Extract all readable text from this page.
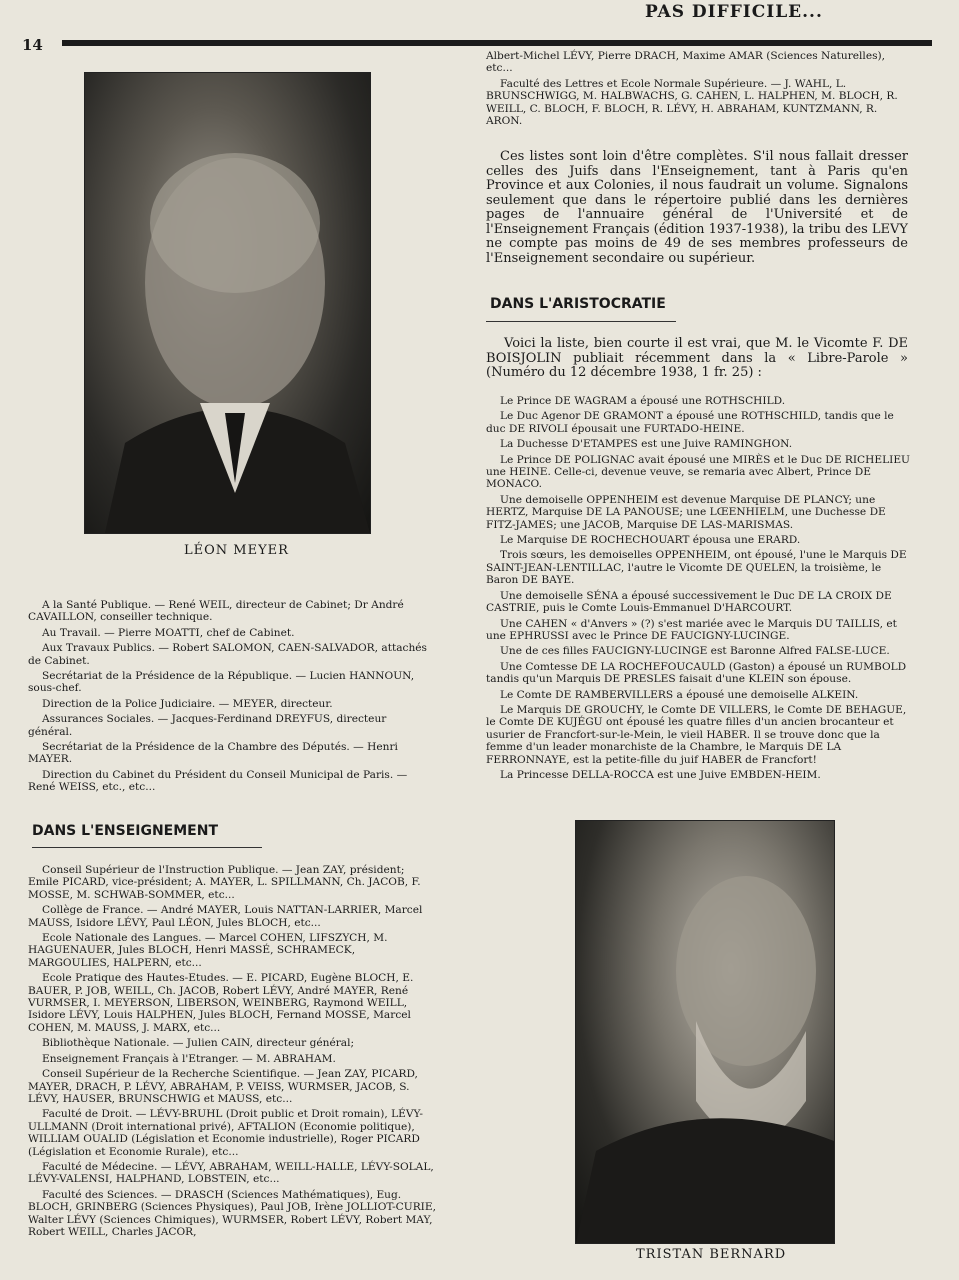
14
PAS DIFFICILE...
LÉON MEYER

A la Santé Publique. — René WEIL, directeur de Cabinet; Dr André CAVAILLON, conseiller technique.

Au Travail. — Pierre MOATTI, chef de Cabinet.

Aux Travaux Publics. — Robert SALOMON, CAEN-SALVADOR, attachés de Cabinet.

Secrétariat de la Présidence de la République. — Lucien HANNOUN, sous-chef.

Direction de la Police Judiciaire. — MEYER, directeur.

Assurances Sociales. — Jacques-Ferdinand DREYFUS, directeur général.

Secrétariat de la Présidence de la Chambre des Députés. — Henri MAYER.

Direction du Cabinet du Président du Conseil Municipal de Paris. — René WEISS, etc., etc...

DANS L'ENSEIGNEMENT

Conseil Supérieur de l'Instruction Publique. — Jean ZAY, président; Emile PICARD, vice-président; A. MAYER, L. SPILLMANN, Ch. JACOB, F. MOSSE, M. SCHWAB-SOMMER, etc...

Collège de France. — André MAYER, Louis NATTAN-LARRIER, Marcel MAUSS, Isidore LÉVY, Paul LÉON, Jules BLOCH, etc...

Ecole Nationale des Langues. — Marcel COHEN, LIFSZYCH, M. HAGUENAUER, Jules BLOCH, Henri MASSÉ, SCHRAMECK, MARGOULIES, HALPERN, etc...

Ecole Pratique des Hautes-Etudes. — E. PICARD, Eugène BLOCH, E. BAUER, P. JOB, WEILL, Ch. JACOB, Robert LÉVY, André MAYER, René VURMSER, I. MEYERSON, LIBERSON, WEINBERG, Raymond WEILL, Isidore LÉVY, Louis HALPHEN, Jules BLOCH, Fernand MOSSE, Marcel COHEN, M. MAUSS, J. MARX, etc...

Bibliothèque Nationale. — Julien CAIN, directeur général;

Enseignement Français à l'Etranger. — M. ABRAHAM.

Conseil Supérieur de la Recherche Scientifique. — Jean ZAY, PICARD, MAYER, DRACH, P. LÉVY, ABRAHAM, P. VEISS, WURMSER, JACOB, S. LÉVY, HAUSER, BRUNSCHWIG et MAUSS, etc...

Faculté de Droit. — LÉVY-BRUHL (Droit public et Droit romain), LÉVY-ULLMANN (Droit international privé), AFTALION (Economie politique), WILLIAM OUALID (Législation et Economie industrielle), Roger PICARD (Législation et Economie Rurale), etc...

Faculté de Médecine. — LÉVY, ABRAHAM, WEILL-HALLE, LÉVY-SOLAL, LÉVY-VALENSI, HALPHAND, LOBSTEIN, etc...

Faculté des Sciences. — DRASCH (Sciences Mathématiques), Eug. BLOCH, GRINBERG (Sciences Physiques), Paul JOB, Irène JOLLIOT-CURIE, Walter LÉVY (Sciences Chimiques), WURMSER, Robert LÉVY, Robert MAY, Robert WEILL, Charles JACOR,

Albert-Michel LÉVY, Pierre DRACH, Maxime AMAR (Sciences Naturelles), etc...

Faculté des Lettres et Ecole Normale Supérieure. — J. WAHL, L. BRUNSCHWIGG, M. HALBWACHS, G. CAHEN, L. HALPHEN, M. BLOCH, R. WEILL, C. BLOCH, F. BLOCH, R. LÉVY, H. ABRAHAM, KUNTZMANN, R. ARON.

Ces listes sont loin d'être complètes. S'il nous fallait dresser celles des Juifs dans l'Enseignement, tant à Paris qu'en Province et aux Colonies, il nous faudrait un volume. Signalons seulement que dans le répertoire publié dans les dernières pages de l'annuaire général de l'Université et de l'Enseignement Français (édition 1937-1938), la tribu des LEVY ne compte pas moins de 49 de ses membres professeurs de l'Enseignement secondaire ou supérieur.
DANS L'ARISTOCRATIE
Voici la liste, bien courte il est vrai, que M. le Vicomte F. DE BOISJOLIN publiait récemment dans la « Libre-Parole » (Numéro du 12 décembre 1938, 1 fr. 25) :

Le Prince DE WAGRAM a épousé une ROTHSCHILD.

Le Duc Agenor DE GRAMONT a épousé une ROTHSCHILD, tandis que le duc DE RIVOLI épousait une FURTADO-HEINE.

La Duchesse D'ETAMPES est une Juive RAMINGHON.

Le Prince DE POLIGNAC avait épousé une MIRÈS et le Duc DE RICHELIEU une HEINE. Celle-ci, devenue veuve, se remaria avec Albert, Prince DE MONACO.

Une demoiselle OPPENHEIM est devenue Marquise DE PLANCY; une HERTZ, Marquise DE LA PANOUSE; une LŒENHIELM, une Duchesse DE FITZ-JAMES; une JACOB, Marquise DE LAS-MARISMAS.

Le Marquise DE ROCHECHOUART épousa une ERARD.

Trois sœurs, les demoiselles OPPENHEIM, ont épousé, l'une le Marquis DE SAINT-JEAN-LENTILLAC, l'autre le Vicomte DE QUELEN, la troisième, le Baron DE BAYE.

Une demoiselle SÉNA a épousé successivement le Duc DE LA CROIX DE CASTRIE, puis le Comte Louis-Emmanuel D'HARCOURT.

Une CAHEN « d'Anvers » (?) s'est mariée avec le Marquis DU TAILLIS, et une EPHRUSSI avec le Prince DE FAUCIGNY-LUCINGE.

Une de ces filles FAUCIGNY-LUCINGE est Baronne Alfred FALSE-LUCE.

Une Comtesse DE LA ROCHEFOUCAULD (Gaston) a épousé un RUMBOLD tandis qu'un Marquis DE PRESLES faisait d'une KLEIN son épouse.

Le Comte DE RAMBERVILLERS a épousé une demoiselle ALKEIN.

Le Marquis DE GROUCHY, le Comte DE VILLERS, le Comte DE BEHAGUE, le Comte DE KUJÉGU ont épousé les quatre filles d'un ancien brocanteur et usurier de Francfort-sur-le-Mein, le vieil HABER. Il se trouve donc que la femme d'un leader monarchiste de la Chambre, le Marquis DE LA FERRONNAYE, est la petite-fille du juif HABER de Francfort!

La Princesse DELLA-ROCCA est une Juive EMBDEN-HEIM.

TRISTAN BERNARD
